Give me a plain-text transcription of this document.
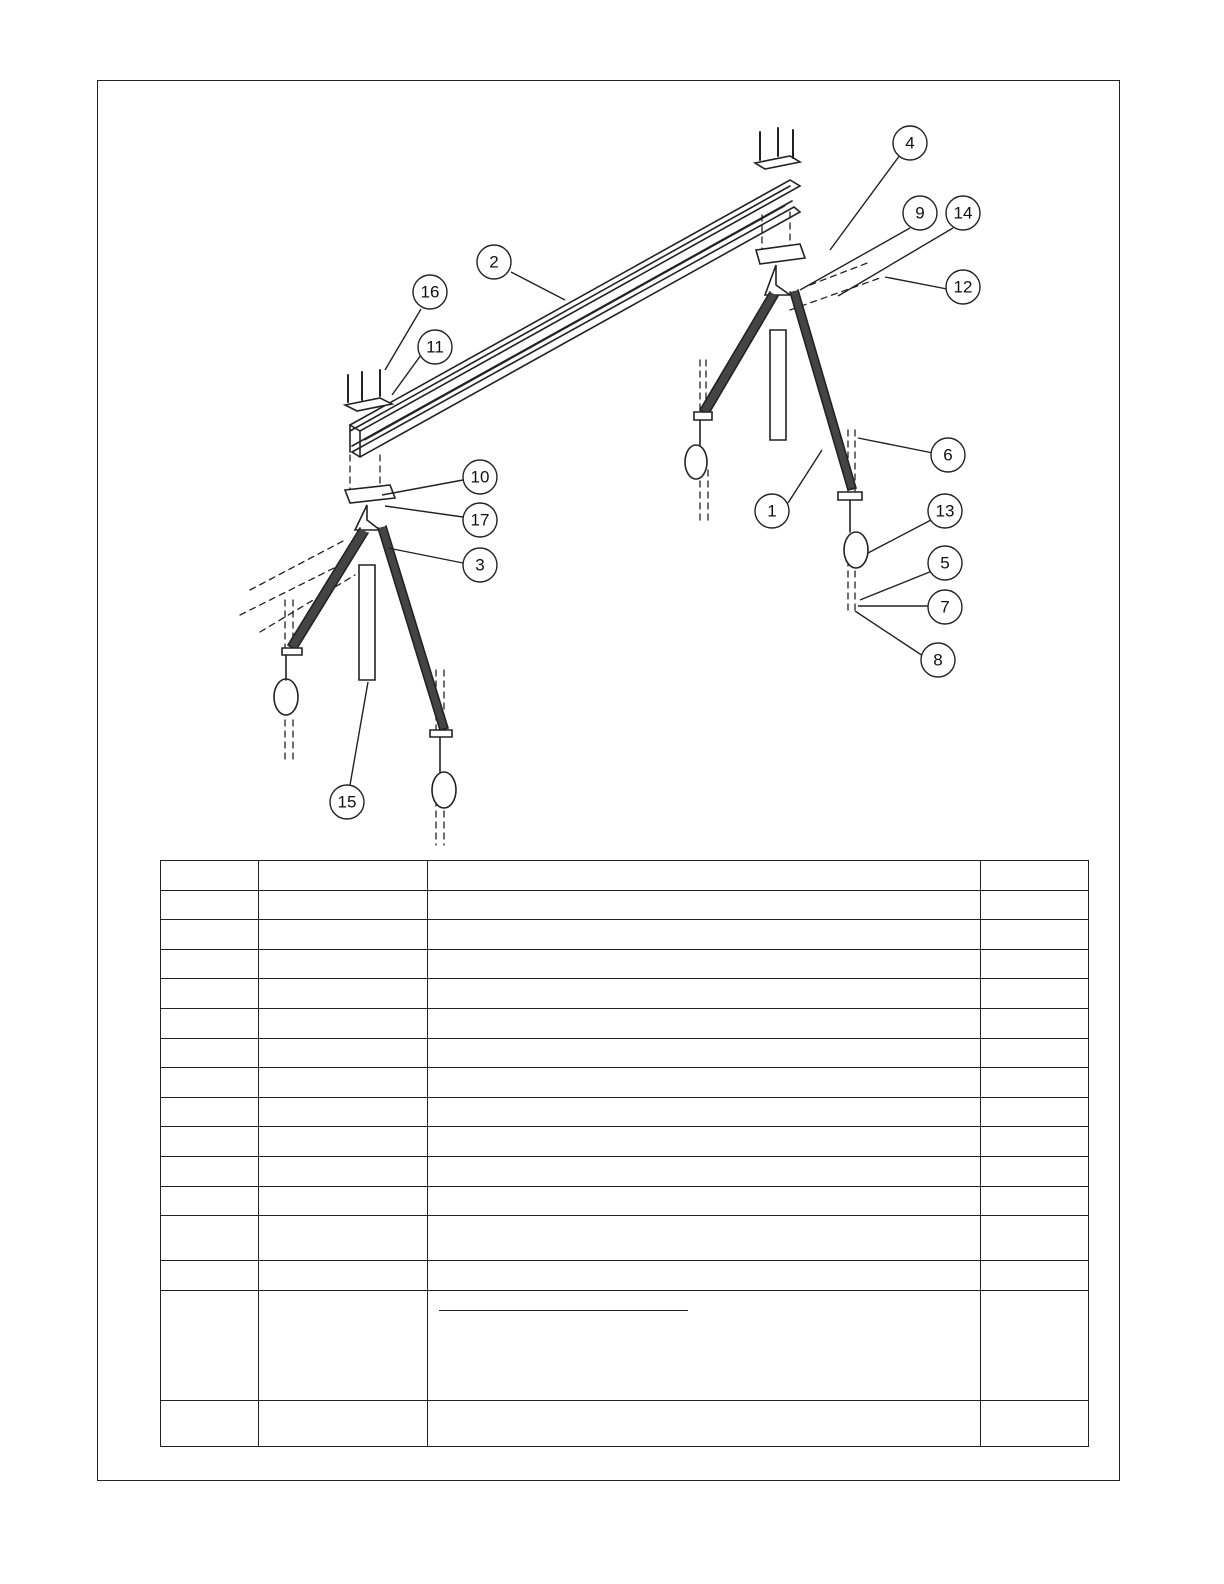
2
4
9 14
12
16
11
10
17
3
6
1	13
5
7
8
15
